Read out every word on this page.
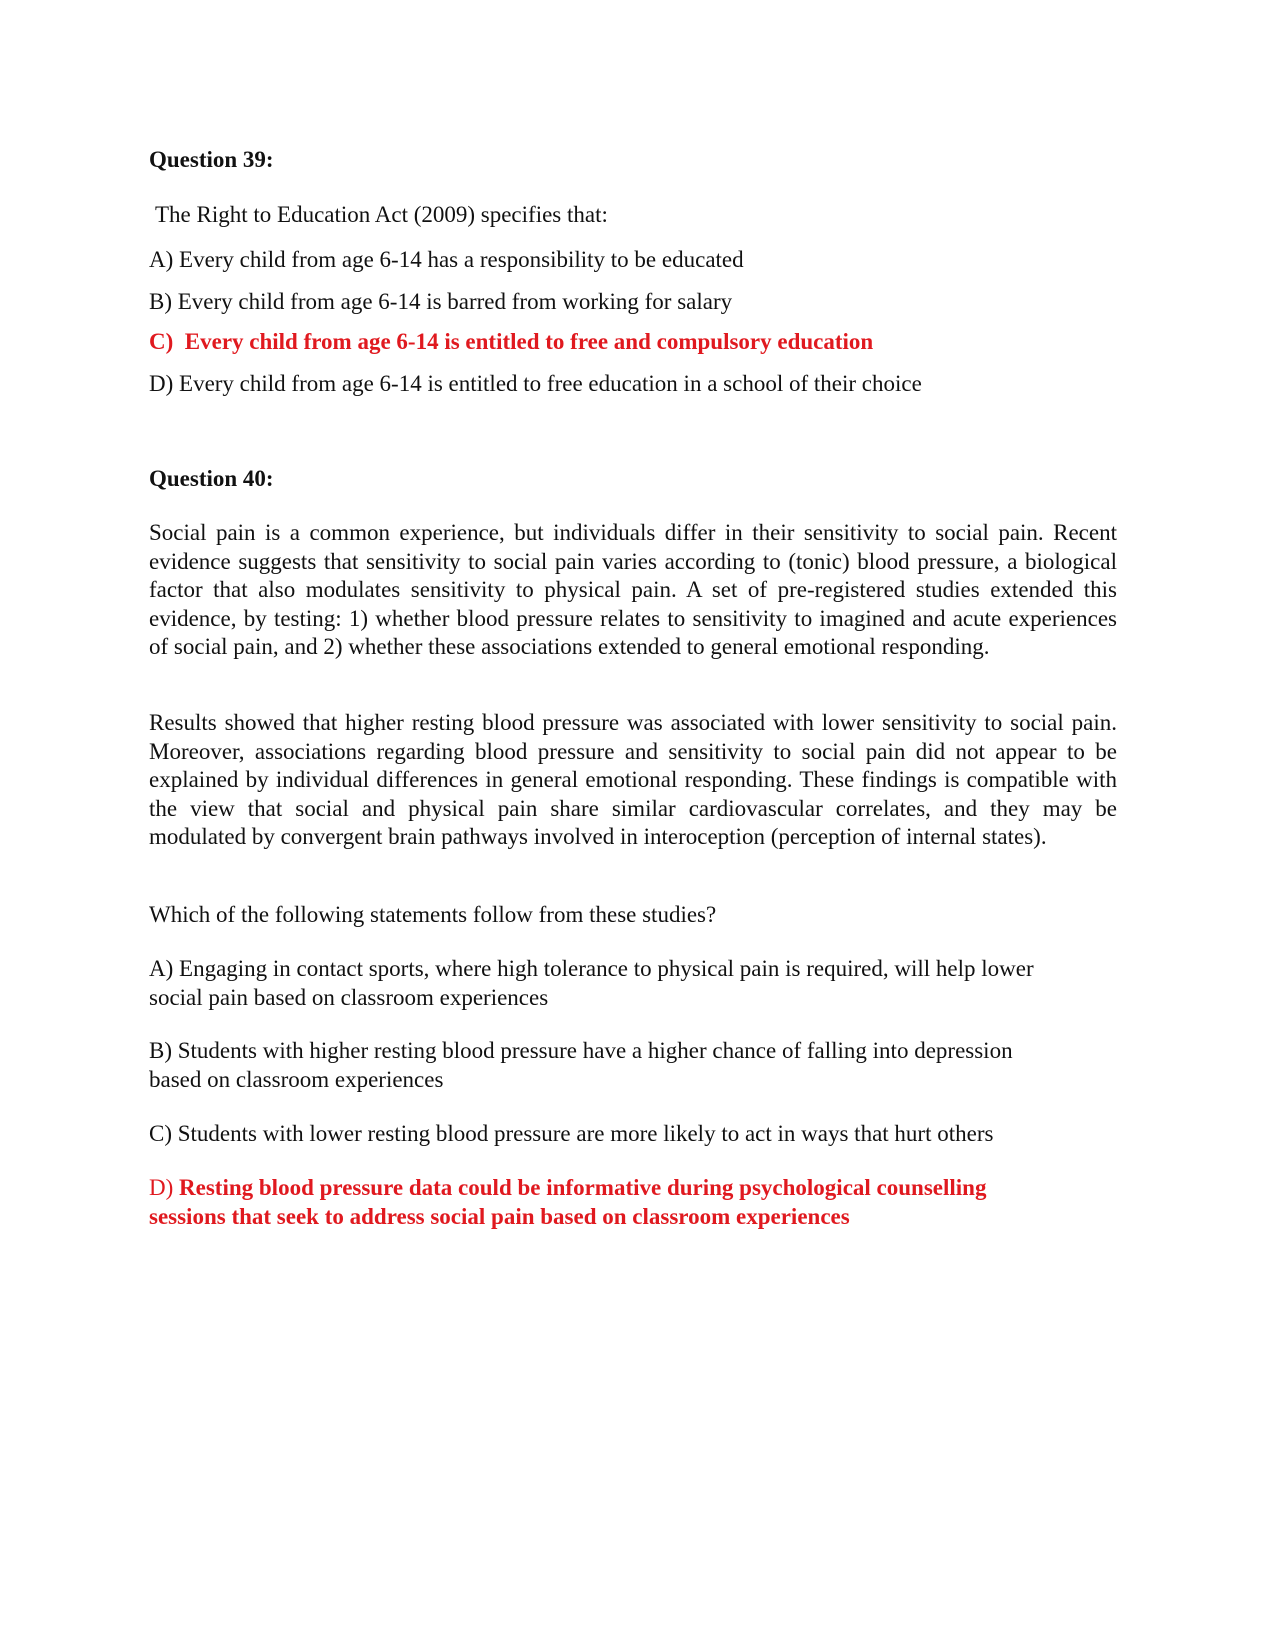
Question 39:
The Right to Education Act (2009) specifies that:
A) Every child from age 6-14 has a responsibility to be educated
B) Every child from age 6-14 is barred from working for salary
C)  Every child from age 6-14 is entitled to free and compulsory education
D) Every child from age 6-14 is entitled to free education in a school of their choice
Question 40:
Social pain is a common experience, but individuals differ in their sensitivity to social pain. Recent evidence suggests that sensitivity to social pain varies according to (tonic) blood pressure, a biological factor that also modulates sensitivity to physical pain. A set of pre-registered studies extended this evidence, by testing: 1) whether blood pressure relates to sensitivity to imagined and acute experiences of social pain, and 2) whether these associations extended to general emotional responding.
Results showed that higher resting blood pressure was associated with lower sensitivity to social pain. Moreover, associations regarding blood pressure and sensitivity to social pain did not appear to be explained by individual differences in general emotional responding. These findings is compatible with the view that social and physical pain share similar cardiovascular correlates, and they may be modulated by convergent brain pathways involved in interoception (perception of internal states).
Which of the following statements follow from these studies?
A) Engaging in contact sports, where high tolerance to physical pain is required, will help lower social pain based on classroom experiences
B) Students with higher resting blood pressure have a higher chance of falling into depression based on classroom experiences
C) Students with lower resting blood pressure are more likely to act in ways that hurt others
D) Resting blood pressure data could be informative during psychological counselling sessions that seek to address social pain based on classroom experiences
